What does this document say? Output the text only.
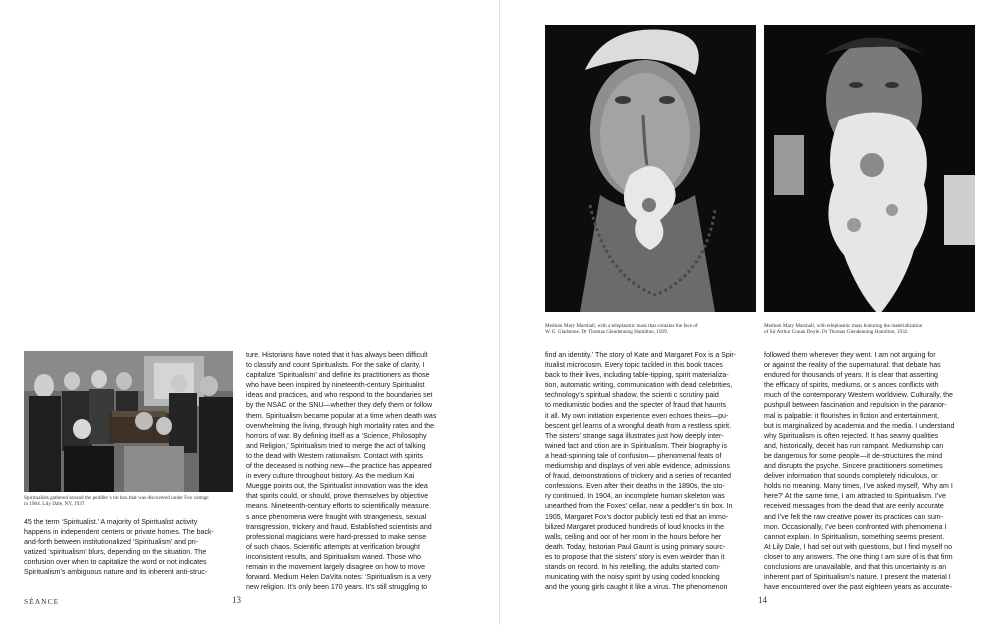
Spiritualists gathered around the peddler’s tin box that was discovered under Fox cottage
in 1904. Lily Dale, NY, 1937.

45 the term ‘Spiritualist.’ A majority of Spiritualist activity

happens in independent centers or private homes. The back-

and-forth between institutionalized ‘Spiritualism’ and pri-

vatized ‘spiritualism’ blurs, depending on the situation. The

confusion over when to capitalize the word or not indicates

Spiritualism’s ambiguous nature and its inherent anti-struc-

ture. Historians have noted that it has always been difficult

to classify and count Spiritualists. For the sake of clarity, I

capitalize ‘Spiritualism’ and define its practitioners as those

who have been inspired by nineteenth-century Spiritualist

ideas and practices, and who respond to the boundaries set

by the NSAC or the SNU—whether they defy them or follow

them. Spiritualism became popular at a time when death was

overwhelming the living, through high mortality rates and the

horrors of war. By defining itself as a ‘Science, Philosophy

and Religion,’ Spiritualism tried to merge the act of talking

to the dead with Western rationalism. Contact with spirits

of the deceased is nothing new—the practice has appeared

in every culture throughout history. As the medium Kai

Muegge points out, the Spiritualist innovation was the idea

that spirits could, or should, prove themselves by objective

means. Nineteenth-century efforts to scientifically measure

s ance phenomena were fraught with strangeness, sexual

transgression, trickery and fraud. Established scientists and

professional magicians were hard-pressed to make sense

of such chaos. Scientific attempts at verification brought

inconsistent results, and Spiritualism waned. Those who

remain in the movement largely disagree on how to move

forward. Medium Helen DaVita notes: ‘Spiritualism is a very

new religion. It’s only been 170 years. It’s still struggling to

SÉANCE	13
Medium Mary Marshall, with a teleplasmic mass that contains the face of
W. E. Gladstone. Dr Thomas Glendenning Hamilton, 1929.
Medium Mary Marshall, with teleplasmic mass featuring the materialization
of Sir Arthur Conan Doyle. Dr Thomas Glendenning Hamilton, 1932.

find an identity.’ The story of Kate and Margaret Fox is a Spir-

itualist microcosm. Every topic tackled in this book traces

back to their lives, including table-tipping, spirit materializa-

tion, automatic writing, communication with dead celebrities,

technology’s spiritual shadow, the scienti c scrutiny paid

to mediumistic bodies and the specter of fraud that haunts

it all. My own initiation experience even echoes theirs—pu-

bescent girl learns of a wrongful death from a restless spirit.

The sisters’ strange saga illustrates just how deeply inter-

twined fact and ction are in Spiritualism. Their biography is

a head-spinning tale of confusion— phenomenal feats of

mediumship and displays of veri able evidence, admissions

of fraud, demonstrations of trickery and a series of recanted

confessions. Even after their deaths in the 1890s, the sto-

ry continued. In 1904, an incomplete human skeleton was

unearthed from the Foxes’ cellar, near a peddler’s tin box. In

1905, Margaret Fox’s doctor publicly testi ed that an immo-

bilized Margaret produced hundreds of loud knocks in the

walls, ceiling and oor of her room in the hours before her

death. Today, historian Paul Gaunt is using primary sourc-

es to propose that the sisters’ story is even weirder than it

stands on record. In his retelling, the adults started com-

municating with the noisy spirit by using coded knocking

and the young girls caught it like a virus. The phenomenon

followed them wherever they went. I am not arguing for

or against the reality of the supernatural: that debate has

endured for thousands of years. It is clear that asserting

the efficacy of spirits, mediums, or s ances conflicts with

much of the contemporary Western worldview. Culturally, the

pushpull between fascination and repulsion in the paranor-

mal is palpable: it flourishes in fiction and entertainment,

but is marginalized by academia and the media. I understand

why Spiritualism is often rejected. It has seamy qualities

and, historically, deceit has run rampant. Mediumship can

be dangerous for some people—it de-structures the mind

and disrupts the psyche. Sincere practitioners sometimes

deliver information that sounds completely ridiculous, or

holds no meaning. Many times, I’ve asked myself, ‘Why am I

here?’ At the same time, I am attracted to Spiritualism. I’ve

received messages from the dead that are eerily accurate

and I’ve felt the raw creative power its practices can sum-

mon. Occasionally, I’ve been confronted with phenomena I

cannot explain. In Spiritualism, something seems present.

At Lily Dale, I had set out with questions, but I find myself no

closer to any answers. The one thing I am sure of is that firm

conclusions are unavailable, and that this uncertainty is an

inherent part of Spiritualism’s nature. I present the material I

have encountered over the past eighteen years as accurate-

14
